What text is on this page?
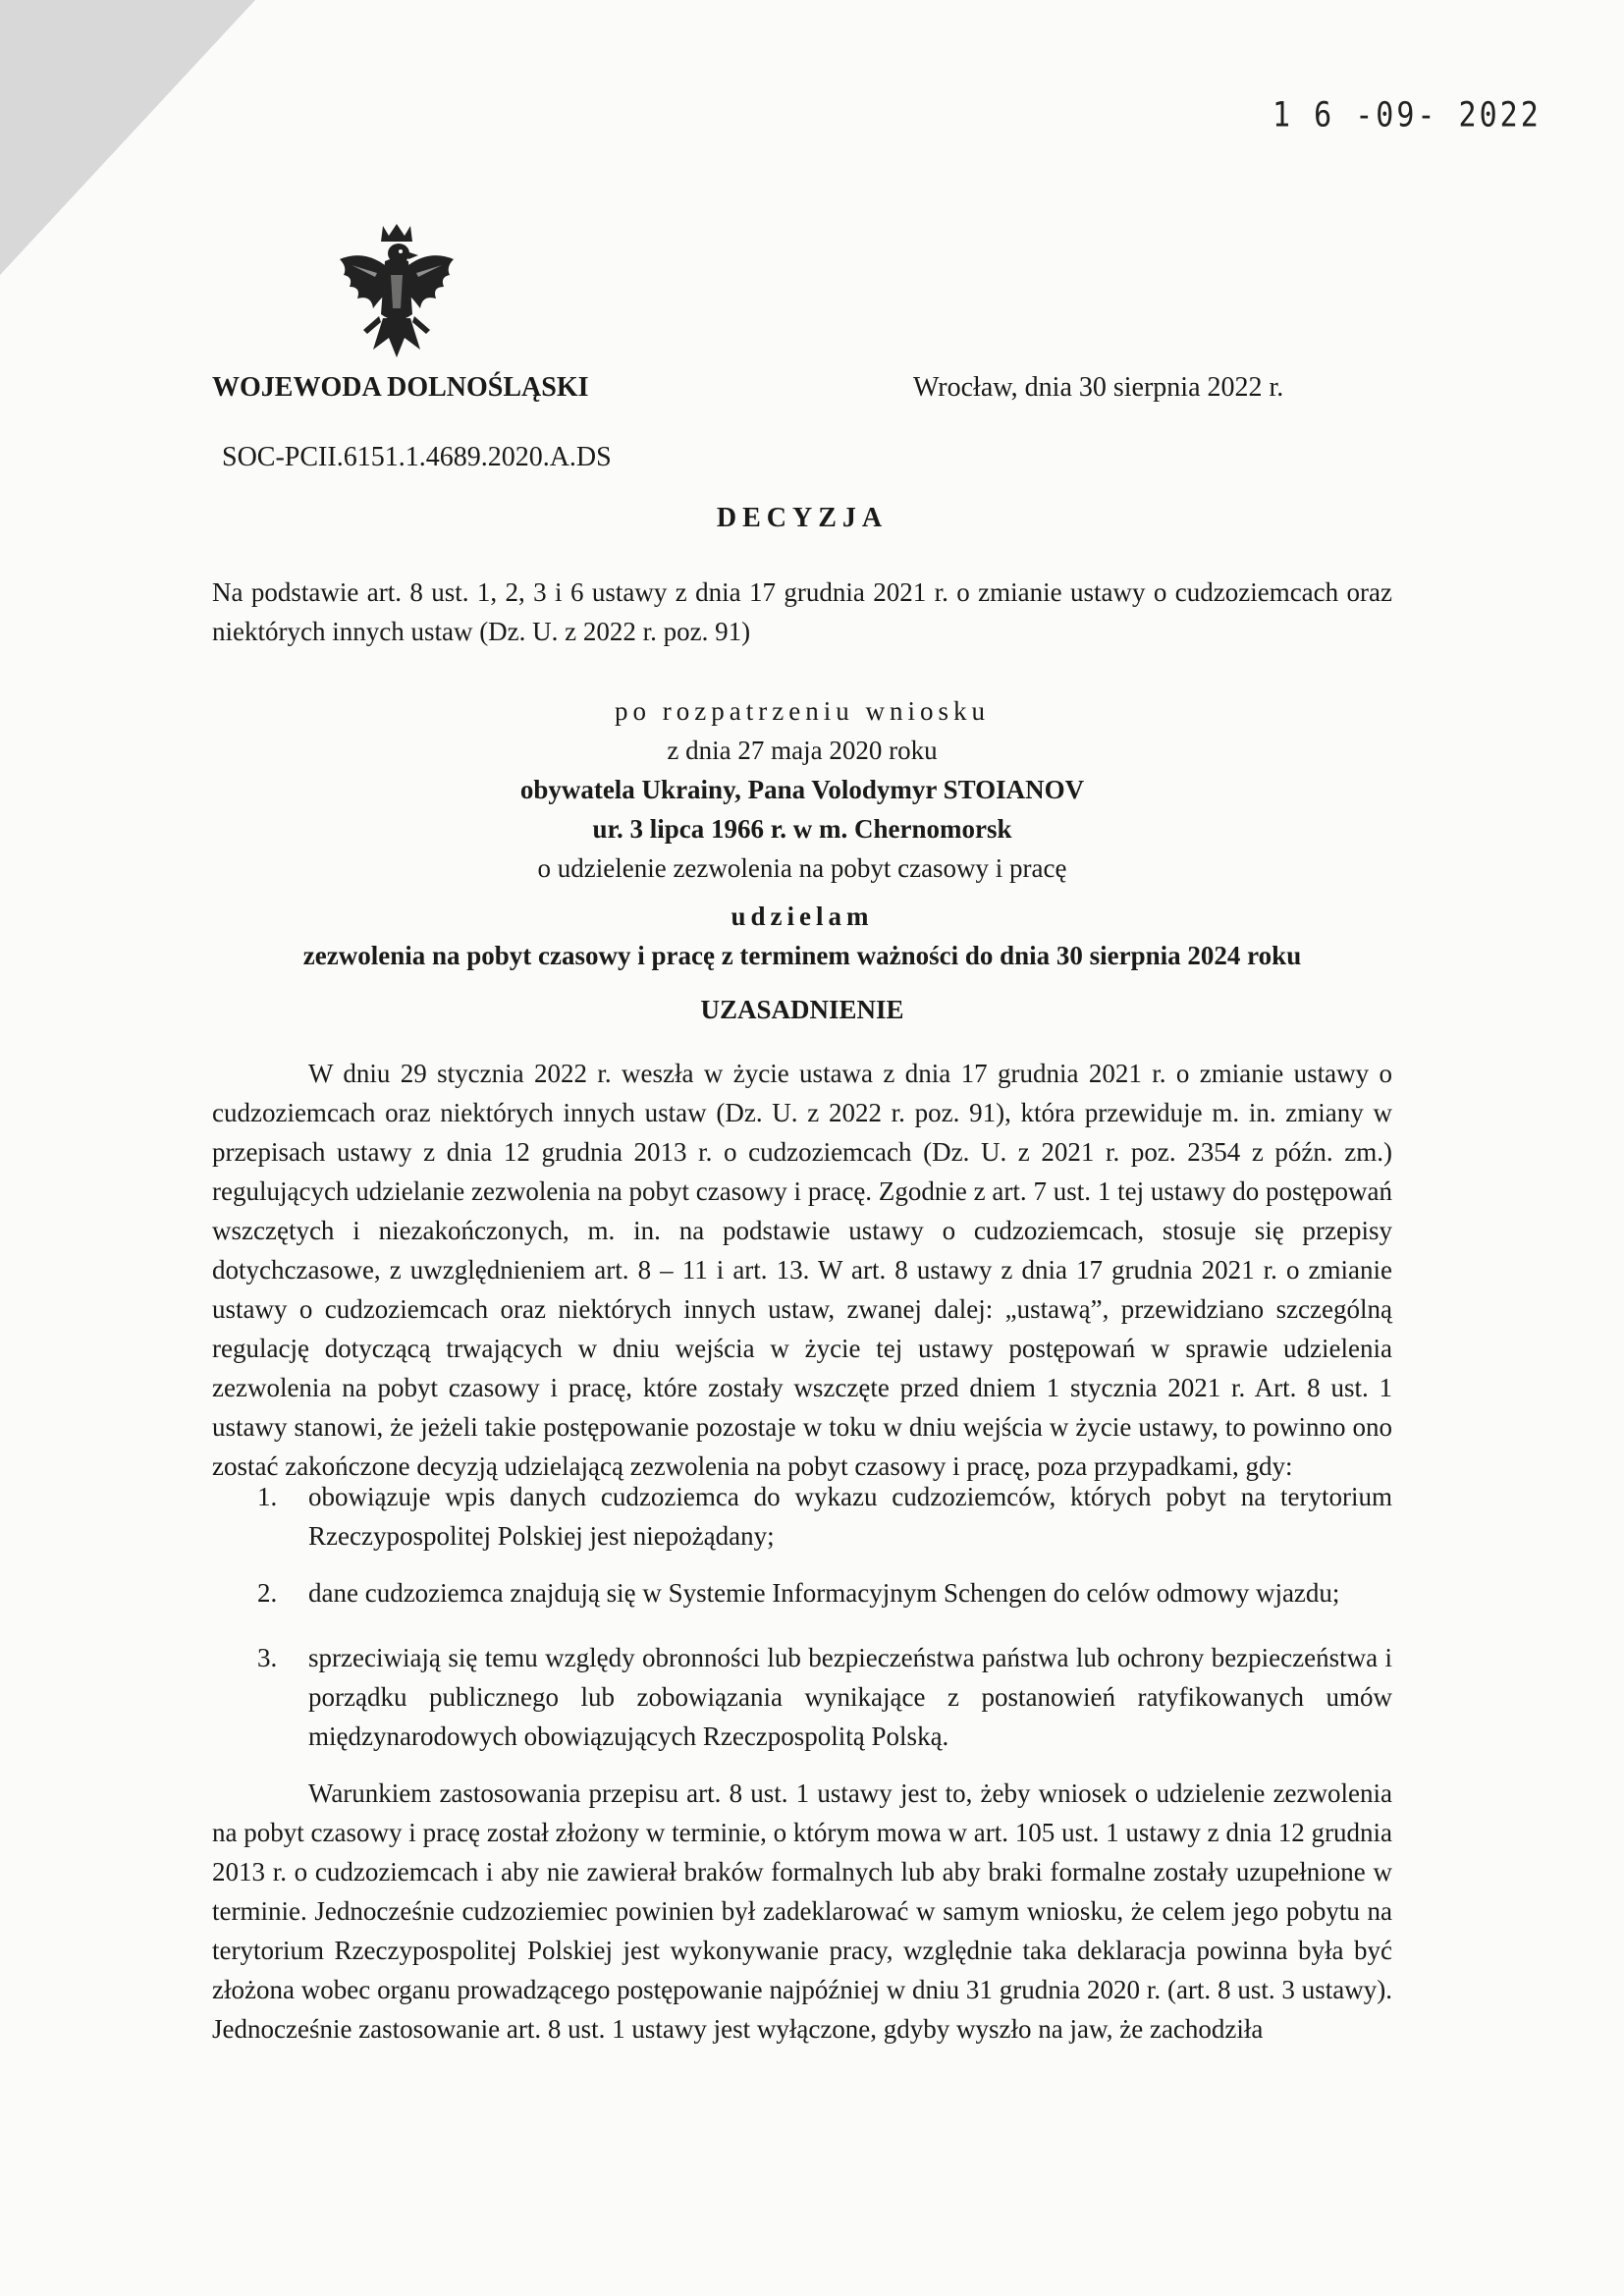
1 6 -09- 2022
WOJEWODA DOLNOŚLĄSKI	Wrocław, dnia 30 sierpnia 2022 r.
SOC-PCII.6151.1.4689.2020.A.DS
DECYZJA
Na podstawie art. 8 ust. 1, 2, 3 i 6 ustawy z dnia 17 grudnia 2021 r. o zmianie ustawy o cudzoziemcach oraz niektórych innych ustaw (Dz. U. z 2022 r. poz. 91)
po rozpatrzeniu wniosku
z dnia 27 maja 2020 roku
obywatela Ukrainy, Pana Volodymyr STOIANOV
ur. 3 lipca 1966 r. w m. Chernomorsk
o udzielenie zezwolenia na pobyt czasowy i pracę
udzielam
zezwolenia na pobyt czasowy i pracę z terminem ważności do dnia 30 sierpnia 2024 roku
UZASADNIENIE
W dniu 29 stycznia 2022 r. weszła w życie ustawa z dnia 17 grudnia 2021 r. o zmianie ustawy o cudzoziemcach oraz niektórych innych ustaw (Dz. U. z 2022 r. poz. 91), która przewiduje m. in. zmiany w przepisach ustawy z dnia 12 grudnia 2013 r. o cudzoziemcach (Dz. U. z 2021 r. poz. 2354 z późn. zm.) regulujących udzielanie zezwolenia na pobyt czasowy i pracę. Zgodnie z art. 7 ust. 1 tej ustawy do postępowań wszczętych i niezakończonych, m. in. na podstawie ustawy o cudzoziemcach, stosuje się przepisy dotychczasowe, z uwzględnieniem art. 8 – 11 i art. 13. W art. 8 ustawy z dnia 17 grudnia 2021 r. o zmianie ustawy o cudzoziemcach oraz niektórych innych ustaw, zwanej dalej: „ustawą”, przewidziano szczególną regulację dotyczącą trwających w dniu wejścia w życie tej ustawy postępowań w sprawie udzielenia zezwolenia na pobyt czasowy i pracę, które zostały wszczęte przed dniem 1 stycznia 2021 r. Art. 8 ust. 1 ustawy stanowi, że jeżeli takie postępowanie pozostaje w toku w dniu wejścia w życie ustawy, to powinno ono zostać zakończone decyzją udzielającą zezwolenia na pobyt czasowy i pracę, poza przypadkami, gdy:
1. obowiązuje wpis danych cudzoziemca do wykazu cudzoziemców, których pobyt na terytorium Rzeczypospolitej Polskiej jest niepożądany;
2. dane cudzoziemca znajdują się w Systemie Informacyjnym Schengen do celów odmowy wjazdu;
3. sprzeciwiają się temu względy obronności lub bezpieczeństwa państwa lub ochrony bezpieczeństwa i porządku publicznego lub zobowiązania wynikające z postanowień ratyfikowanych umów międzynarodowych obowiązujących Rzeczpospolitą Polską.
Warunkiem zastosowania przepisu art. 8 ust. 1 ustawy jest to, żeby wniosek o udzielenie zezwolenia na pobyt czasowy i pracę został złożony w terminie, o którym mowa w art. 105 ust. 1 ustawy z dnia 12 grudnia 2013 r. o cudzoziemcach i aby nie zawierał braków formalnych lub aby braki formalne zostały uzupełnione w terminie. Jednocześnie cudzoziemiec powinien był zadeklarować w samym wniosku, że celem jego pobytu na terytorium Rzeczypospolitej Polskiej jest wykonywanie pracy, względnie taka deklaracja powinna była być złożona wobec organu prowadzącego postępowanie najpóźniej w dniu 31 grudnia 2020 r. (art. 8 ust. 3 ustawy). Jednocześnie zastosowanie art. 8 ust. 1 ustawy jest wyłączone, gdyby wyszło na jaw, że zachodziła
